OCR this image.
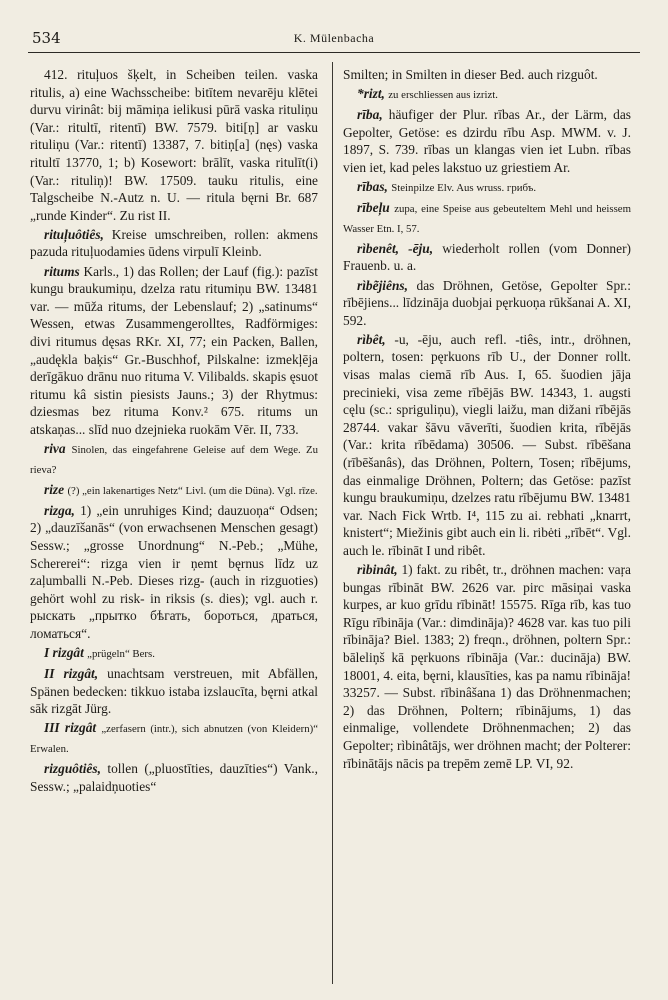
534	K. Mülenbacha

412. rituļuos šķelt, in Scheiben teilen. vaska ritulis, a) eine Wachsscheibe: bitītem nevarēju klētei durvu virinât: bij māmiņa ielikusi pūrā vaska rituliņu (Var.: ritultī, ritentī) BW. 7579. biti[ņ] ar vasku rituliņu (Var.: ritentī) 13387, 7. bitiņ[a] (nęs) vaska ritultī 13770, 1; b) Kosewort: brālīt, vaska ritulīt(i) (Var.: rituliņ)! BW. 17509. tauku ritulis, eine Talgscheibe N.-Autz n. U. — ritula bęrni Br. 687 „runde Kinder“. Zu rist II.

rituļuôtiês, Kreise umschreiben, rollen: akmens pazuda rituļuodamies ūdens virpulī Kleinb.

ritums Karls., 1) das Rollen; der Lauf (fig.): pazīst kungu braukumiņu, dzelza ratu ritumiņu BW. 13481 var. — mūža ritums, der Lebenslauf; 2) „satinums“ Wessen, etwas Zusammengerolltes, Radförmiges: divi ritumus dęsas RKr. XI, 77; ein Packen, Ballen, „audękla baķis“ Gr.-Buschhof, Pilskalne: izmekļēja derīgākuo drānu nuo rituma V. Vilibalds. skapis ęsuot ritumu kâ sistin piesists Jauns.; 3) der Rhytmus: dziesmas bez rituma Konv.² 675. ritums un atskaņas... slīd nuo dzejnieka ruokām Vēr. II, 733.

riva Sinolen, das eingefahrene Geleise auf dem Wege. Zu rieva?

rize (?) „ein lakenartiges Netz“ Livl. (um die Düna). Vgl. rīze.

rizga, 1) „ein unruhiges Kind; dauzuoņa“ Odsen; 2) „dauzīšanās“ (von erwachsenen Menschen gesagt) Sessw.; „grosse Unordnung“ N.-Peb.; „Mühe, Schererei“: rizga vien ir ņemt bęrnus līdz uz zaļumballi N.-Peb. Dieses rizg- (auch in rizguoties) gehört wohl zu risk- in riksis (s. dies); vgl. auch r. рыскать „прыткo бѣгать, бороться, драться, ломаться“.

I rizgât „prügeln“ Bers.

II rizgât, unachtsam verstreuen, mit Abfällen, Spänen bedecken: tikkuo istaba izslaucīta, bęrni atkal sāk rizgāt Jürg.

III rizgât „zerfasern (intr.), sich abnutzen (von Kleidern)“ Erwalen.

rizguôtiês, tollen („pluostīties, dauzīties“) Vank., Sessw.; „palaidņuoties“

Smilten; in Smilten in dieser Bed. auch rizguôt.

*rizt, zu erschliessen aus izrizt.

rība, häufiger der Plur. rības Ar., der Lärm, das Gepolter, Getöse: es dzirdu rību Asp. MWM. v. J. 1897, S. 739. rības un klangas vien iet Lubn. rības vien iet, kad peles lakstuo uz griestiem Ar.

rības, Steinpilze Elv. Aus wruss. грибъ.

rībeļu zupa, eine Speise aus gebeuteltem Mehl und heissem Wasser Etn. I, 57.

rìbenêt, -ēju, wiederholt rollen (vom Donner) Frauenb. u. a.

rìbẽjiêns, das Dröhnen, Getöse, Gepolter Spr.: rībējiens... līdzināja duobjai pęrkuoņa rūkšanai A. XI, 592.

rìbêt, -u, -ēju, auch refl. -tiês, intr., dröhnen, poltern, tosen: pęrkuons rīb U., der Donner rollt. visas malas ciemā rīb Aus. I, 65. šuodien jāja precinieki, visa zeme rībējās BW. 14343, 1. augsti cęlu (sc.: spriguliņu), viegli laižu, man dižani rībējās 28744. vakar šāvu vāverīti, šuodien krita, rībējās (Var.: krita rībēdama) 30506. — Subst. rībēšana (rībēšanâs), das Dröhnen, Poltern, Tosen; rībējums, das einmalige Dröhnen, Poltern; das Getöse: pazīst kungu braukumiņu, dzelzes ratu rībējumu BW. 13481 var. Nach Fick Wrtb. I⁴, 115 zu ai. rebhati „knarrt, knistert“; Miežinis gibt auch ein li. ribėti „rībēt“. Vgl. auch le. rībināt I und ribêt.

rìbinât, 1) fakt. zu ribêt, tr., dröhnen machen: vaŗa bungas rībināt BW. 2626 var. pirc māsiņai vaska kurpes, ar kuo grīdu rībināt! 15575. Rīga rīb, kas tuo Rīgu rībināja (Var.: dimdināja)? 4628 var. kas tuo pili rībināja? Biel. 1383; 2) freqn., dröhnen, poltern Spr.: bāleliņš kā pęrkuons rībināja (Var.: ducināja) BW. 18001, 4. eita, bęrni, klausīties, kas pa namu rībināja! 33257. — Subst. rībinâšana 1) das Dröhnenmachen; 2) das Dröhnen, Poltern; rībinājums, 1) das einmalige, vollendete Dröhnenmachen; 2) das Gepolter; rìbinâtājs, wer dröhnen macht; der Polterer: rībinātājs nācis pa trepēm zemē LP. VI, 92.
